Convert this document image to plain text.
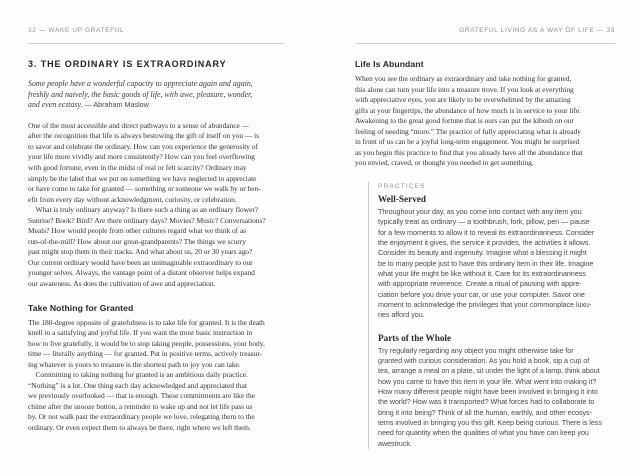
32 — WAKE UP GRATEFUL
3. THE ORDINARY IS EXTRAORDINARY
Some people have a wonderful capacity to appreciate again and again,
freshly and naively, the basic goods of life, with awe, pleasure, wonder,
and even ecstasy. — Abraham Maslow
One of the most accessible and direct pathways to a sense of abundance —
after the recognition that life is always bestowing the gift of itself on you — is
to savor and celebrate the ordinary. How can you experience the generosity of
your life more vividly and more consistently? How can you feel overflowing
with good fortune, even in the midst of real or felt scarcity? Ordinary may
simply be the label that we put on something we have neglected to appreciate
or have come to take for granted — something or someone we walk by or ben-
efit from every day without acknowledgment, curiosity, or celebration.
 What is truly ordinary anyway? Is there such a thing as an ordinary flower?
Sunrise? Book? Bird? Are there ordinary days? Movies? Music? Conversations?
Meals? How would people from other cultures regard what we think of as
run-of-the-mill? How about our great-grandparents? The things we scurry
past might stop them in their tracks. And what about us, 20 or 30 years ago?
Our current ordinary would have been an unimaginable extraordinary to our
younger selves. Always, the vantage point of a distant observer helps expand
our awareness. As does the cultivation of awe and appreciation.
Take Nothing for Granted
The 180-degree opposite of gratefulness is to take life for granted. It is the death
knell to a satisfying and joyful life. If you want the most basic instruction in
how to live gratefully, it would be to stop taking people, possessions, your body,
time — literally anything — for granted. Put in positive terms, actively treasur-
ing whatever is yours to treasure is the shortest path to joy you can take.
 Committing to taking nothing for granted is an ambitious daily practice.
“Nothing” is a lot. One thing each day acknowledged and appreciated that
we previously overlooked — that is enough. These commitments are like the
chime after the snooze button, a reminder to wake up and not let life pass us
by. Or not walk past the extraordinary people we love, relegating them to the
ordinary. Or even expect them to always be there, right where we left them.
GRATEFUL LIVING AS A WAY OF LIFE — 33
Life Is Abundant
When you see the ordinary as extraordinary and take nothing for granted,
this alone can turn your life into a treasure trove. If you look at everything
with appreciative eyes, you are likely to be overwhelmed by the amazing
gifts at your fingertips, the abundance of how much is in service to your life.
Awakening to the great good fortune that is ours can put the kibosh on our
feeling of needing “more.” The practice of fully appreciating what is already
in front of us can be a joyful long-term engagement. You might be surprised
as you begin this practice to find that you already have all the abundance that
you envied, craved, or thought you needed to get something.
PRACTICES
Well-Served
Throughout your day, as you come into contact with any item you
typically treat as ordinary — a toothbrush, fork, pillow, pen — pause
for a few moments to allow it to reveal its extraordinariness. Consider
the enjoyment it gives, the service it provides, the activities it allows.
Consider its beauty and ingenuity. Imagine what a blessing it might
be to many people just to have this ordinary item in their life. Imagine
what your life might be like without it. Care for its extraordinariness
with appropriate reverence. Create a ritual of pausing with appre-
ciation before you drive your car, or use your computer. Savor one
moment to acknowledge the privileges that your commonplace luxu-
ries afford you.
Parts of the Whole
Try regularly regarding any object you might otherwise take for
granted with curious consideration. As you hold a book, sip a cup of
tea, arrange a meal on a plate, sit under the light of a lamp, think about
how you came to have this item in your life. What went into making it?
How many different people might have been involved in bringing it into
the world? How was it transported? What forces had to collaborate to
bring it into being? Think of all the human, earthly, and other ecosys-
tems involved in bringing you this gift. Keep being curious. There is less
need for quantity when the qualities of what you have can keep you
awestruck.
